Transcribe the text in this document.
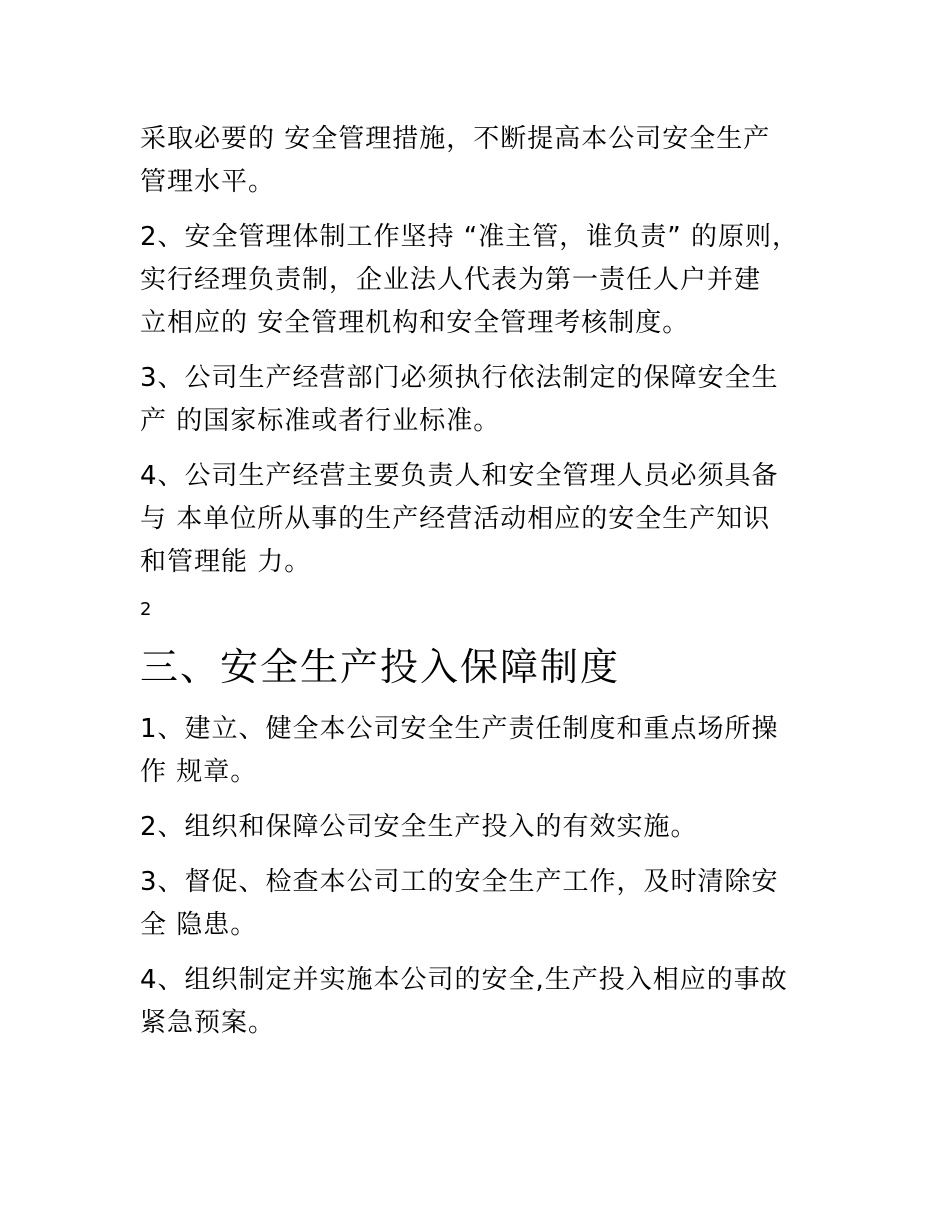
采取必要的 安全管理措施，不断提高本公司安全生产
管理水平。

2、安全管理体制工作坚持 “准主管，谁负责” 的原则，
实行经理负责制，企业法人代表为第一责任人户并建
立相应的 安全管理机构和安全管理考核制度。

3、公司生产经营部门必须执行依法制定的保障安全生
产 的国家标准或者行业标准。

4、公司生产经营主要负责人和安全管理人员必须具备
与 本单位所从事的生产经营活动相应的安全生产知识
和管理能 力。

2
三、安全生产投入保障制度

1、建立、健全本公司安全生产责任制度和重点场所操
作 规章。

2、组织和保障公司安全生产投入的有效实施。

3、督促、检查本公司工的安全生产工作，及时清除安
全 隐患。

4、组织制定并实施本公司的安全,生产投入相应的事故
紧急预案。
